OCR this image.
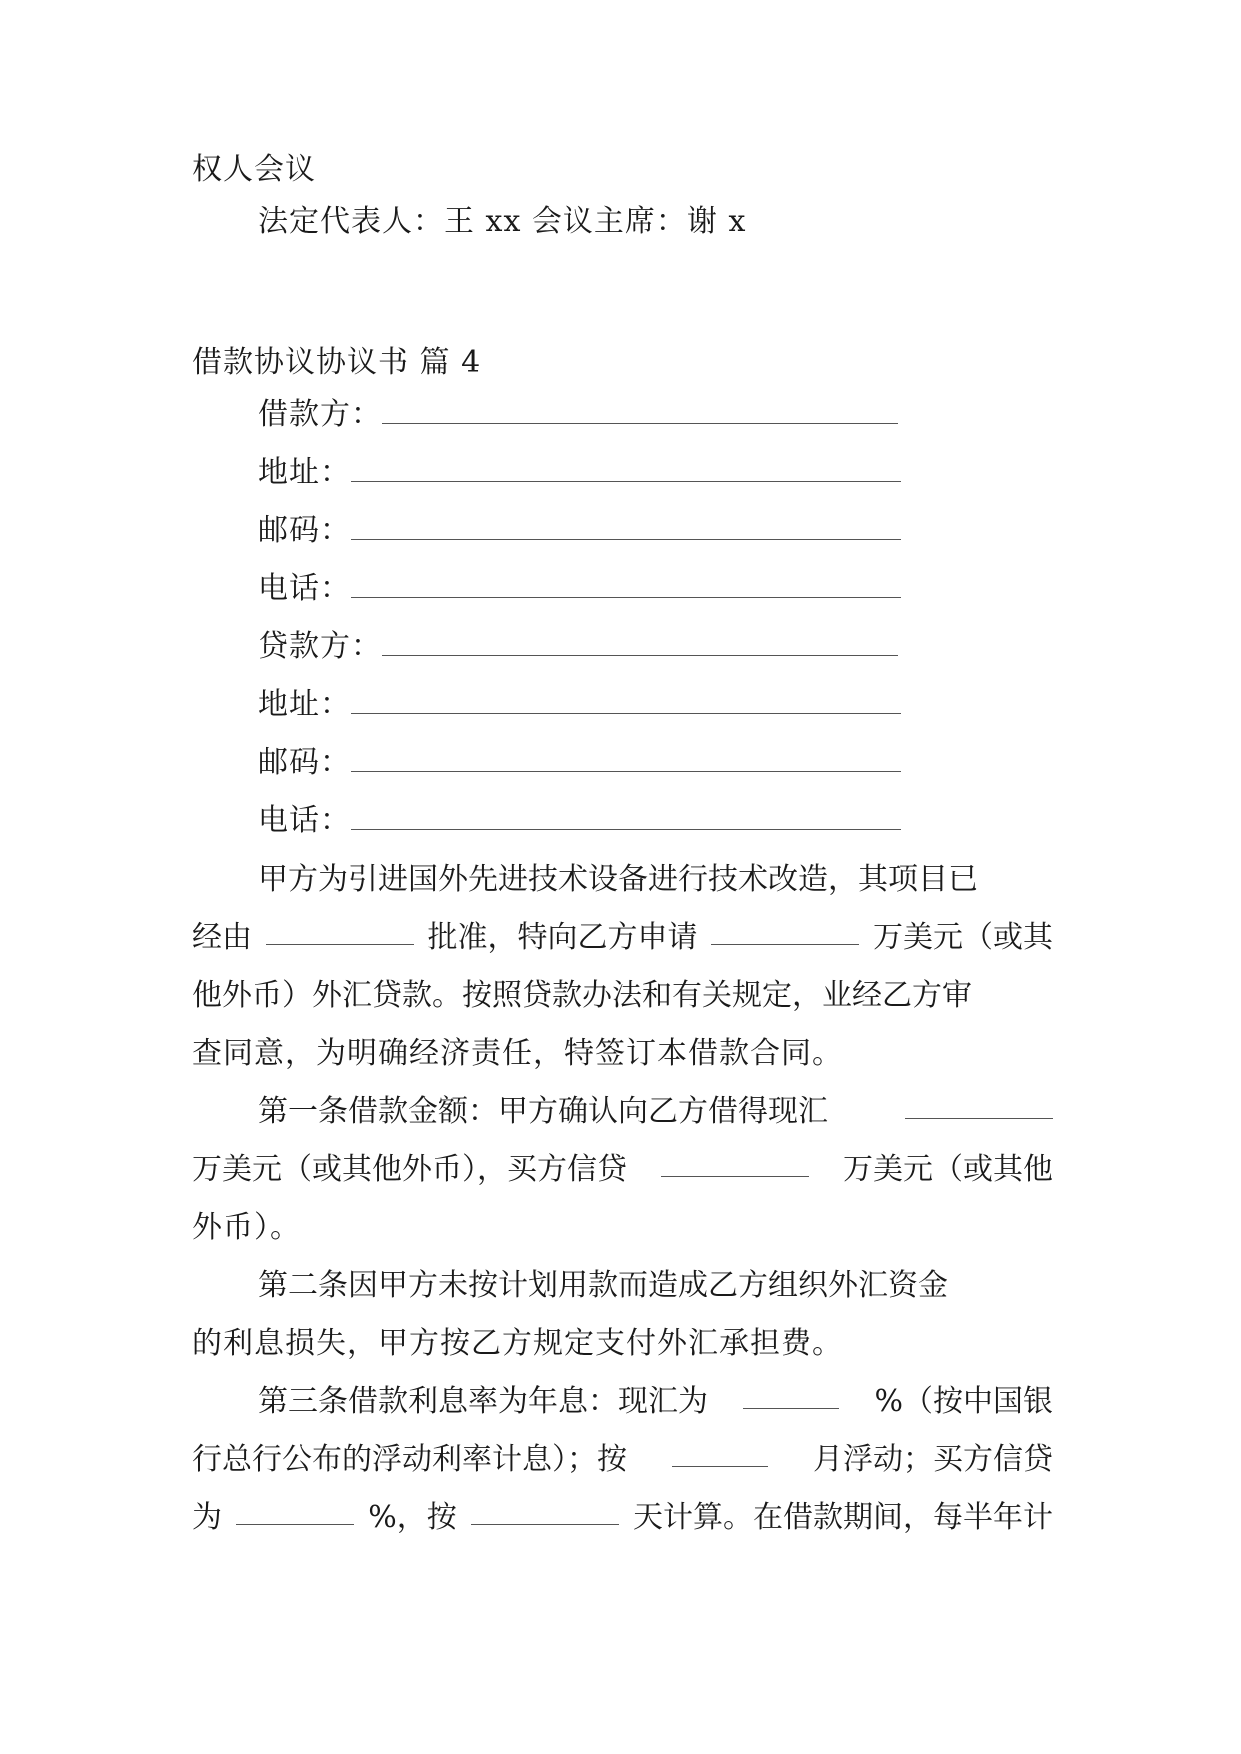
权人会议
法定代表人：王 xx 会议主席：谢 x
借款协议协议书 篇 4
借款方：
地址：
邮码：
电话：
贷款方：
地址：
邮码：
电话：
甲方为引进国外先进技术设备进行技术改造，其项目已
经由	批准，特向乙方申请	万美元（或其
他外币）外汇贷款。按照贷款办法和有关规定，业经乙方审
查同意，为明确经济责任，特签订本借款合同。
第一条借款金额：甲方确认向乙方借得现汇
万美元（或其他外币），买方信贷	万美元（或其他
外币）。
第二条因甲方未按计划用款而造成乙方组织外汇资金
的利息损失，甲方按乙方规定支付外汇承担费。
第三条借款利息率为年息：现汇为	%（按中国银
行总行公布的浮动利率计息）；按	月浮动；买方信贷
为	%，按	天计算。在借款期间，每半年计
